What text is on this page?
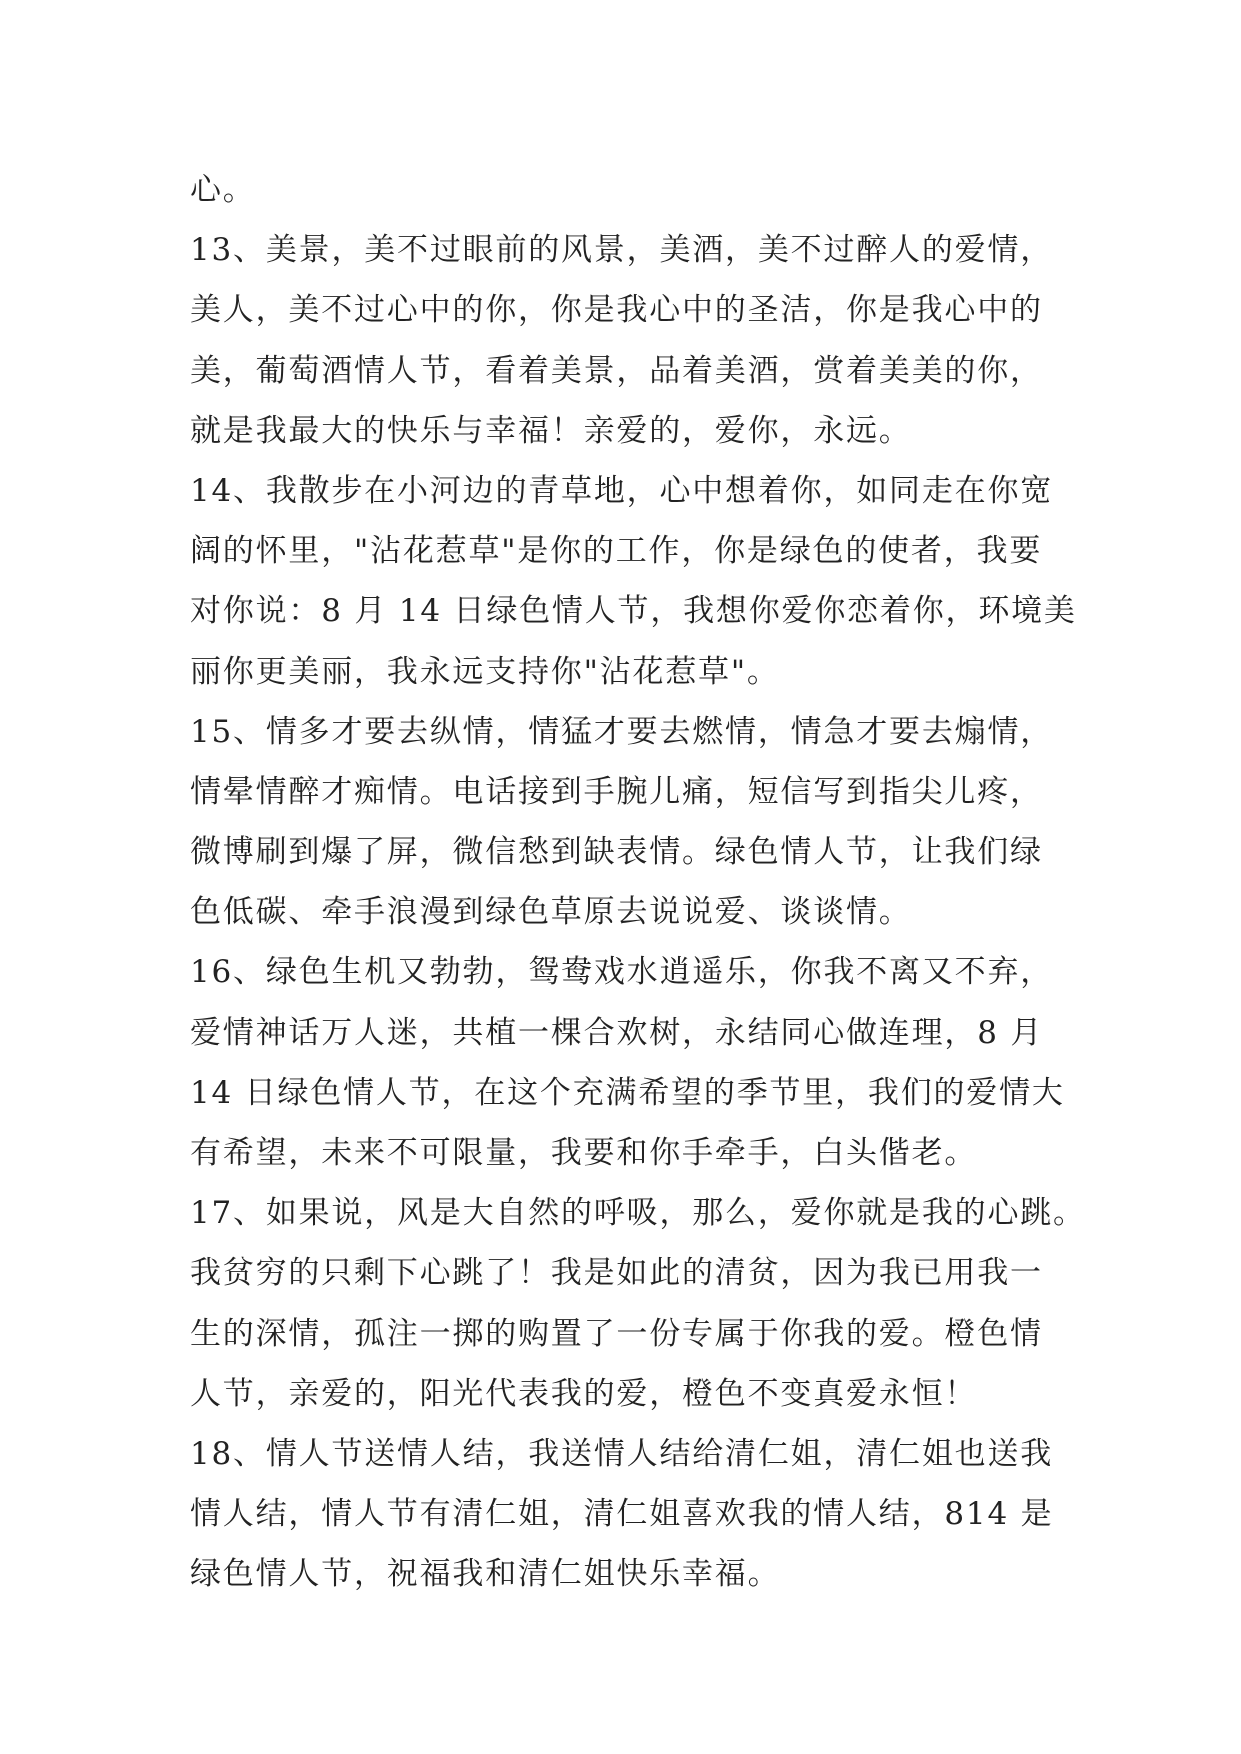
心。
13、美景，美不过眼前的风景，美酒，美不过醉人的爱情，
美人，美不过心中的你，你是我心中的圣洁，你是我心中的
美，葡萄酒情人节，看着美景，品着美酒，赏着美美的你，
就是我最大的快乐与幸福！亲爱的，爱你，永远。
14、我散步在小河边的青草地，心中想着你，如同走在你宽
阔的怀里，"沾花惹草"是你的工作，你是绿色的使者，我要
对你说：8 月 14 日绿色情人节，我想你爱你恋着你，环境美
丽你更美丽，我永远支持你"沾花惹草"。
15、情多才要去纵情，情猛才要去燃情，情急才要去煽情，
情晕情醉才痴情。电话接到手腕儿痛，短信写到指尖儿疼，
微博刷到爆了屏，微信愁到缺表情。绿色情人节，让我们绿
色低碳、牵手浪漫到绿色草原去说说爱、谈谈情。
16、绿色生机又勃勃，鸳鸯戏水逍遥乐，你我不离又不弃，
爱情神话万人迷，共植一棵合欢树，永结同心做连理，8 月
14 日绿色情人节，在这个充满希望的季节里，我们的爱情大
有希望，未来不可限量，我要和你手牵手，白头偕老。
17、如果说，风是大自然的呼吸，那么，爱你就是我的心跳。
我贫穷的只剩下心跳了！我是如此的清贫，因为我已用我一
生的深情，孤注一掷的购置了一份专属于你我的爱。橙色情
人节，亲爱的，阳光代表我的爱，橙色不变真爱永恒！
18、情人节送情人结，我送情人结给清仁姐，清仁姐也送我
情人结，情人节有清仁姐，清仁姐喜欢我的情人结，814 是
绿色情人节，祝福我和清仁姐快乐幸福。
